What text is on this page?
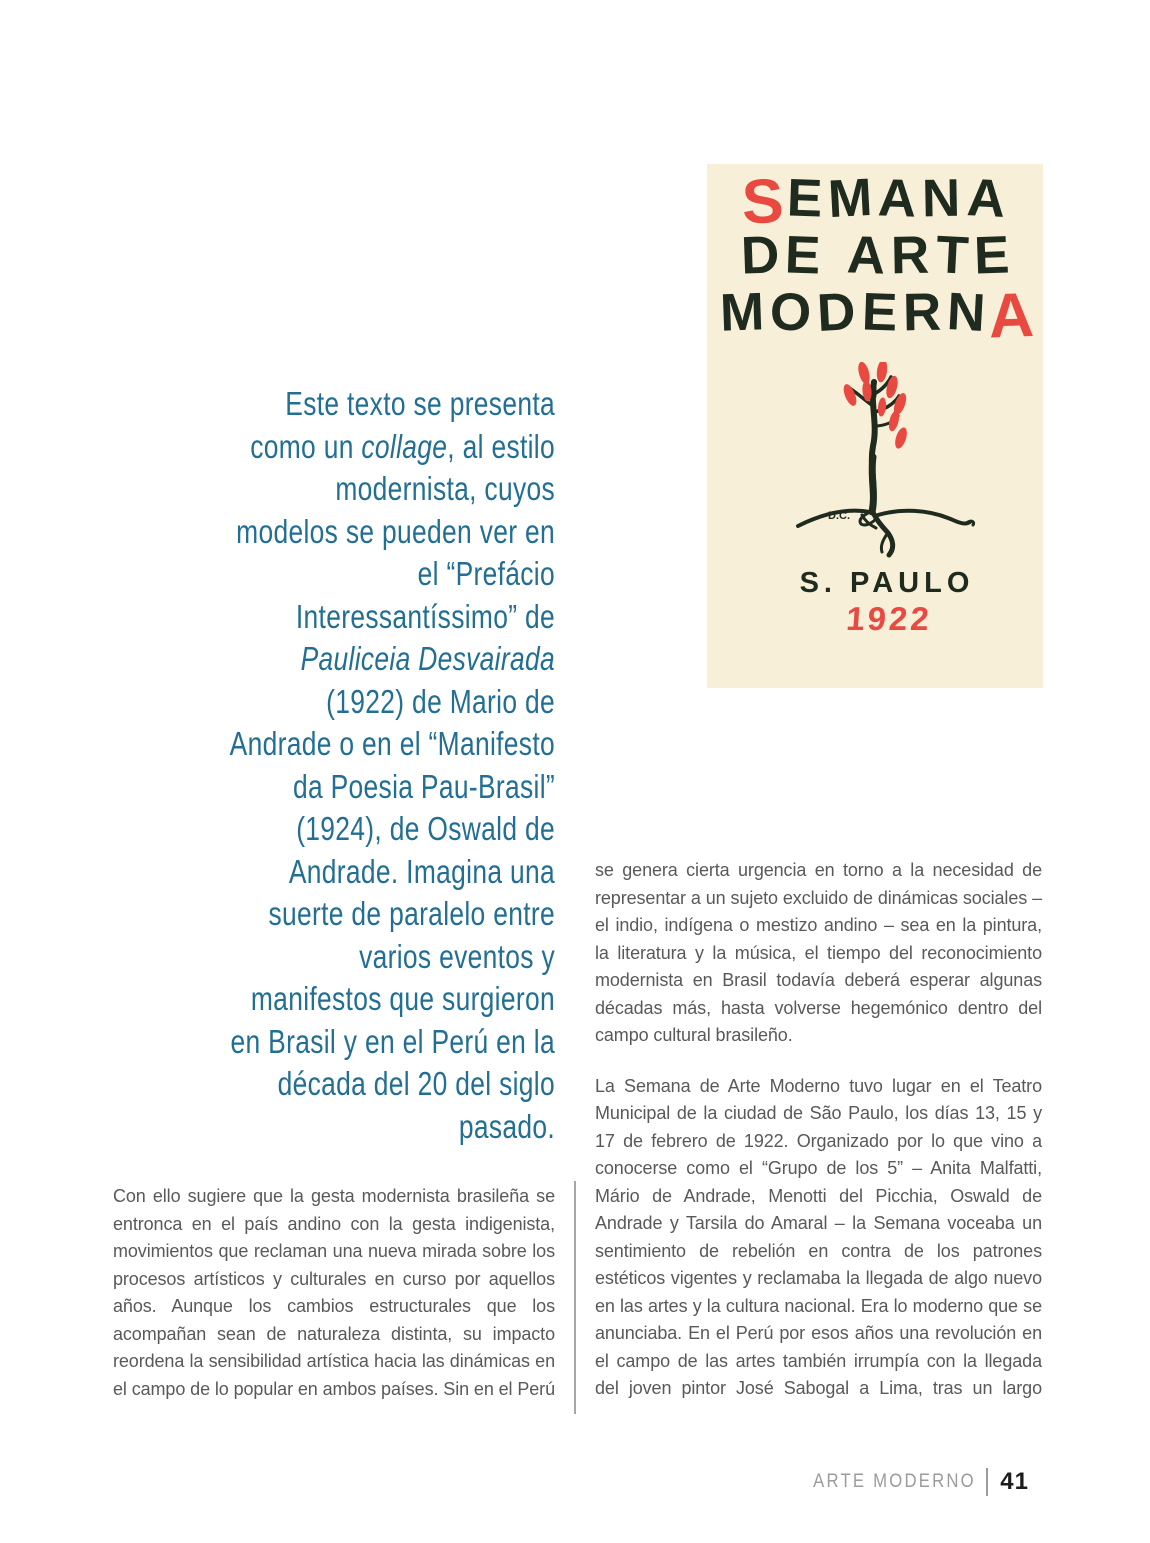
S E M A N A
D E
A R T E
M O D E R N A
D.C.
S. PAULO
1922
Este texto se presenta como un collage, al estilo modernista, cuyos modelos se pueden ver en el “Prefácio Interessantíssimo” de Pauliceia Desvairada (1922) de Mario de Andrade o en el “Manifesto da Poesia Pau-Brasil” (1924), de Oswald de Andrade. Imagina una suerte de paralelo entre varios eventos y manifestos que surgieron en Brasil y en el Perú en la década del 20 del siglo pasado.

se genera cierta urgencia en torno a la necesidad de representar a un sujeto excluido de dinámicas sociales – el indio, indígena o mestizo andino – sea en la pintura, la literatura y la música, el tiempo del reconocimiento modernista en Brasil todavía deberá esperar algunas décadas más, hasta volverse hegemónico dentro del campo cultural brasileño.

La Semana de Arte Moderno tuvo lugar en el Teatro Municipal de la ciudad de São Paulo, los días 13, 15 y 17 de febrero de 1922. Organizado por lo que vino a conocerse como el “Grupo de los 5” – Anita Malfatti, Mário de Andrade, Menotti del Picchia, Oswald de Andrade y Tarsila do Amaral – la Semana voceaba un sentimiento de rebelión en contra de los patrones estéticos vigentes y reclamaba la llegada de algo nuevo en las artes y la cultura nacional. Era lo moderno que se anunciaba. En el Perú por esos años una revolución en el campo de las artes también irrumpía con la llegada del joven pintor José Sabogal a Lima, tras un largo

Con ello sugiere que la gesta modernista brasileña se entronca en el país andino con la gesta indigenista, movimientos que reclaman una nueva mirada sobre los procesos artísticos y culturales en curso por aquellos años. Aunque los cambios estructurales que los acompañan sean de naturaleza distinta, su impacto reordena la sensibilidad artística hacia las dinámicas en el campo de lo popular en ambos países. Sin en el Perú

ARTE MODERNO 41
